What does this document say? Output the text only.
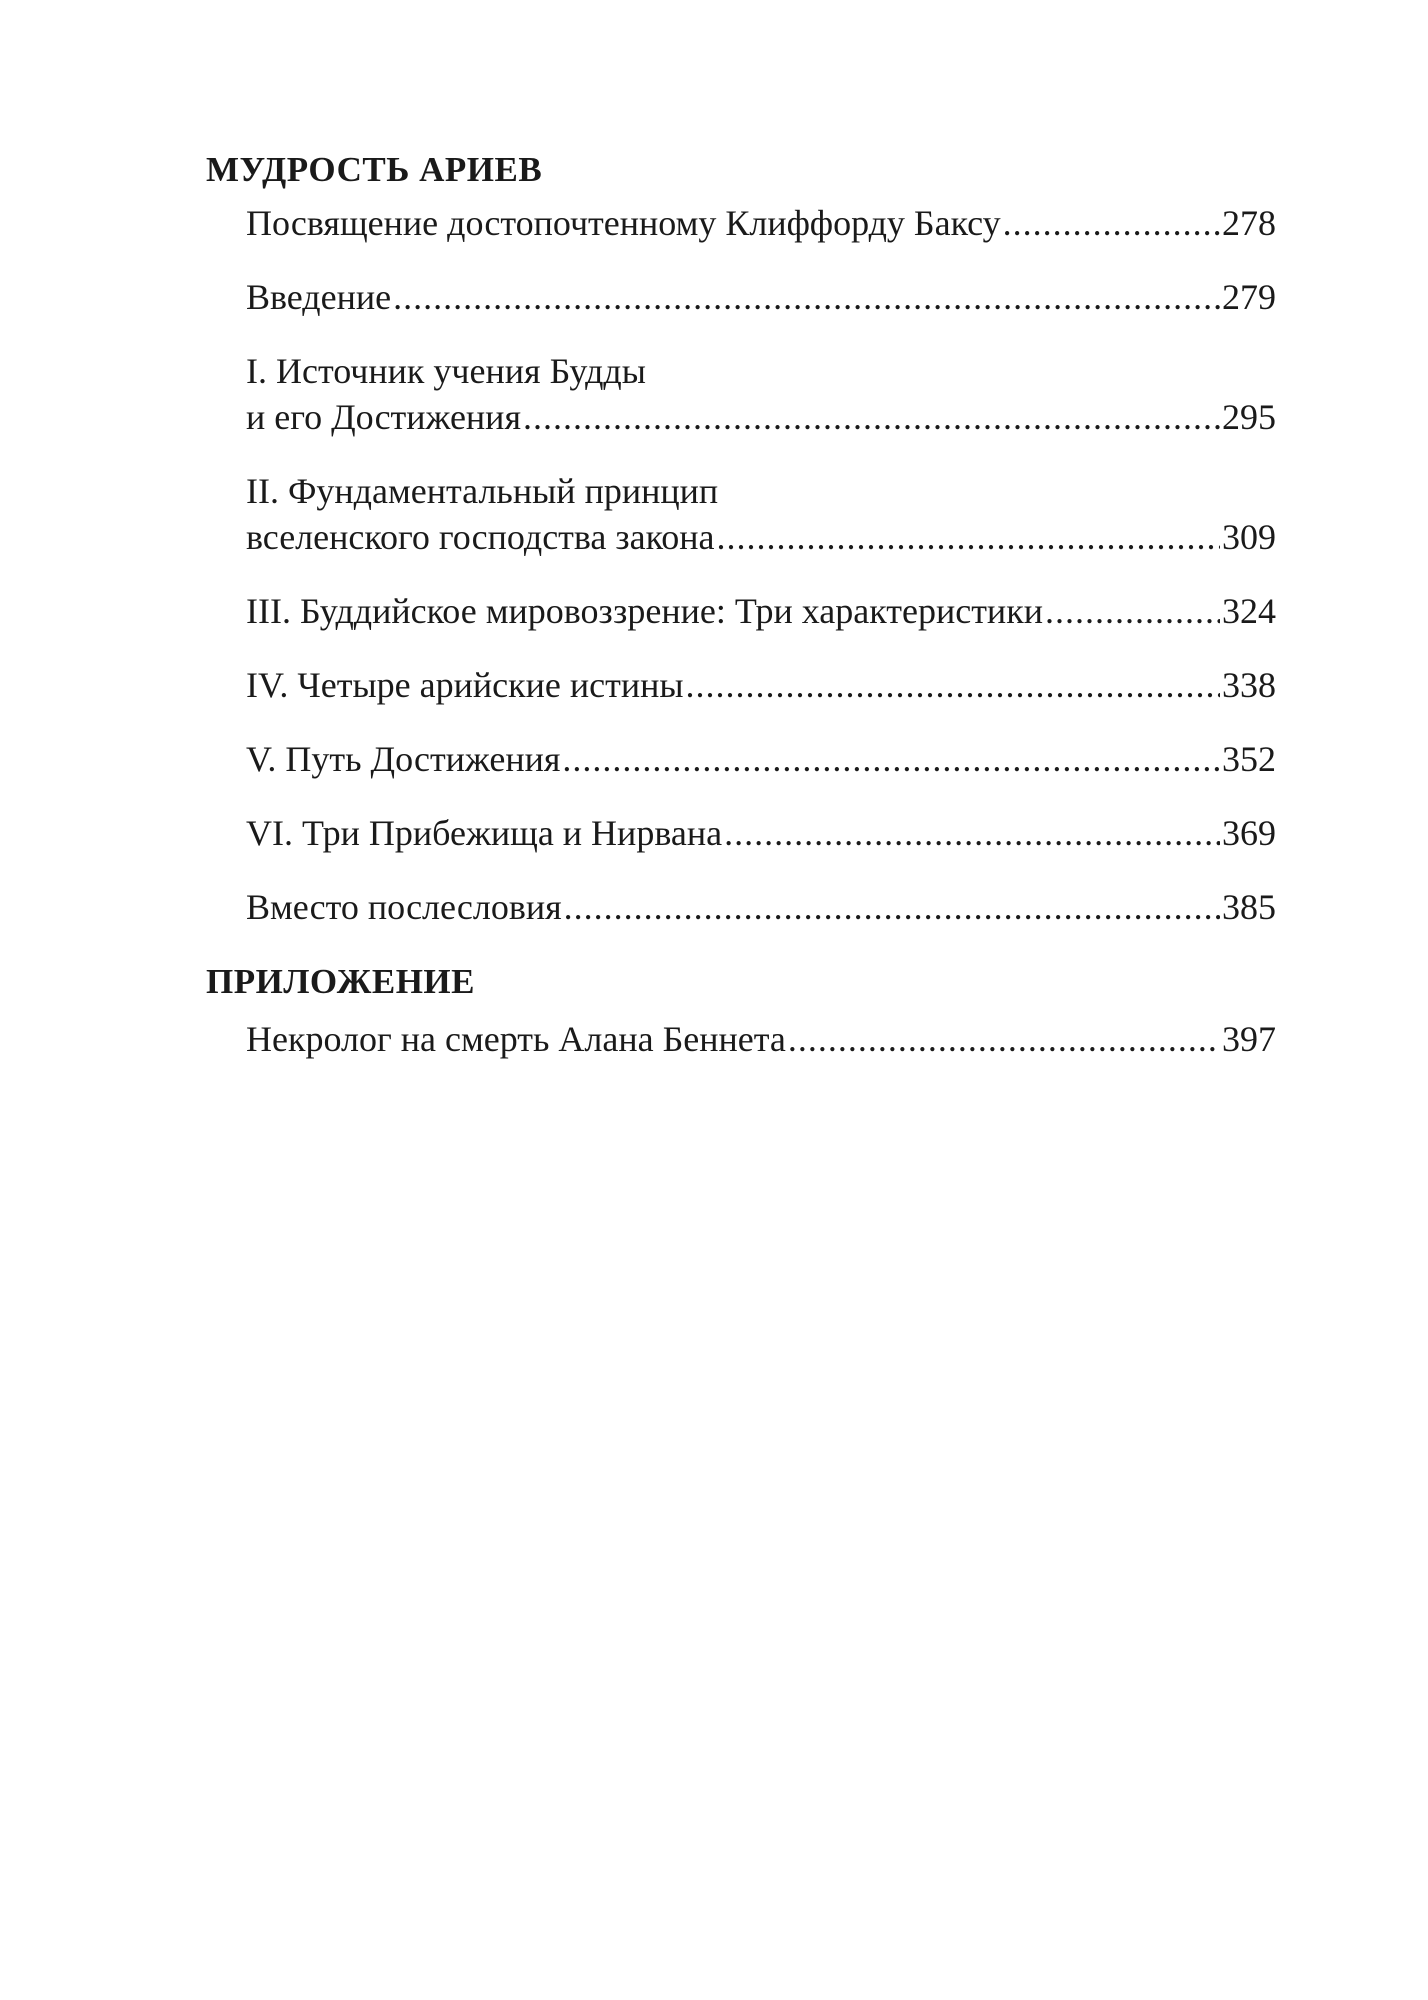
МУДРОСТЬ АРИЕВ
Посвящение достопочтенному Клиффорду Баксу .....	278
Введение .....	279
I. Источник учения Будды
и его Достижения .....	295
II. Фундаментальный принцип
вселенского господства закона .....	309
III. Буддийское мировоззрение: Три характеристики .....	324
IV. Четыре арийские истины .....	338
V. Путь Достижения .....	352
VI. Три Прибежища и Нирвана .....	369
Вместо послесловия .....	385
ПРИЛОЖЕНИЕ
Некролог на смерть Алана Беннета .....	397
